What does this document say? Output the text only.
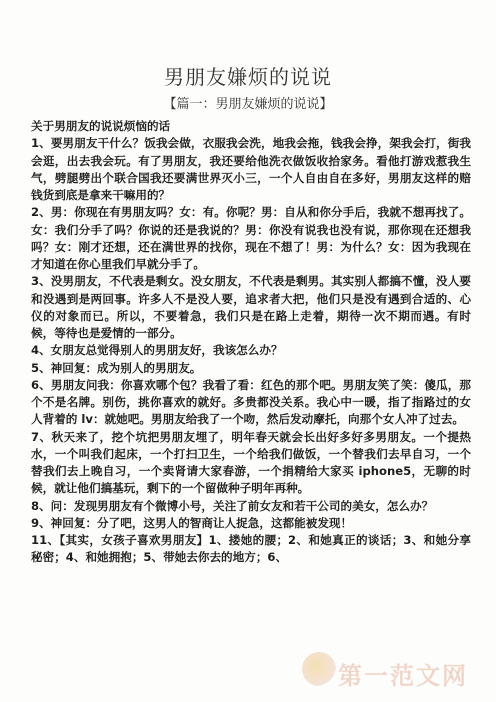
男朋友嫌烦的说说
【篇一：男朋友嫌烦的说说】

关于男朋友的说说烦恼的话

1、要男朋友干什么？饭我会做，衣服我会洗，地我会拖，钱我会挣，架我会打，街我会逛，出去我会玩。有了男朋友，我还要给他洗衣做饭收拾家务。看他打游戏惹我生气，劈腿劈出个联合国我还要满世界灭小三，一个人自由自在多好，男朋友这样的赔钱货到底是拿来干嘛用的？

2、男：你现在有男朋友吗？女：有。你呢？男：自从和你分手后，我就不想再找了。女：我们分手了吗？你说的还是我说的？男：你没有说我也没有说，那你现在还想我吗？女：刚才还想，还在满世界的找你，现在不想了！男：为什么？女：因为我现在才知道在你心里我们早就分手了。

3、没男朋友，不代表是剩女。没女朋友，不代表是剩男。其实别人都搞不懂，没人要和没遇到是两回事。许多人不是没人要，追求者大把，他们只是没有遇到合适的、心仪的对象而已。所以，不要着急，我们只是在路上走着，期待一次不期而遇。有时候，等待也是爱情的一部分。

4、女朋友总觉得别人的男朋友好，我该怎么办？

5、神回复：成为别人的男朋友。

6、男朋友问我：你喜欢哪个包？我看了看：红色的那个吧。男朋友笑了笑：傻瓜，那个不是名牌。别伤，挑你喜欢的就好。多贵都没关系。我心中一暖，指了指路过的女人背着的 lv：就她吧。男朋友给我了一个吻，然后发动摩托，向那个女人冲了过去。

7、秋天来了，挖个坑把男朋友埋了，明年春天就会长出好多好多男朋友。一个提热水，一个叫我们起床，一个打扫卫生，一个给我们做饭，一个替我们去早自习，一个替我们去上晚自习，一个卖肾请大家春游，一个捐精给大家买 iphone5，无聊的时候，就让他们搞基玩，剩下的一个留做种子明年再种。

8、问：发现男朋友有个微博小号，关注了前女友和若干公司的美女，怎么办？

9、神回复：分了吧，这男人的智商让人捉急，这都能被发现！

11、【其实，女孩子喜欢男朋友】1、搂她的腰；2、和她真正的谈话；3、和她分享秘密；4、和她拥抱；5、带她去你去的地方；6、

第一范文网
